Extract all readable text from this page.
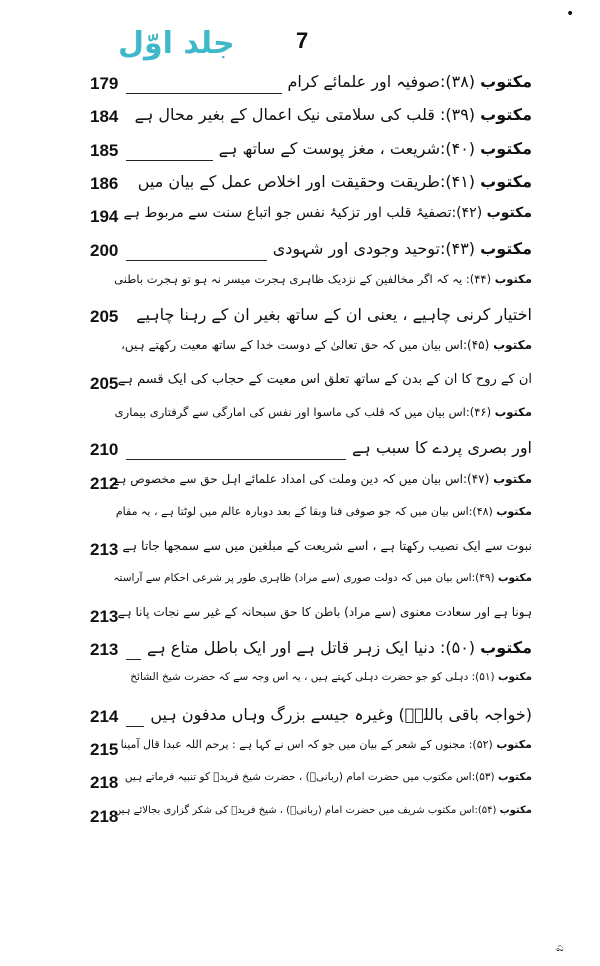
جلد اوّل	7
•
مکتوب (۳۸):صوفیہ اور علمائے کرام
179
مکتوب (۳۹): قلب کی سلامتی نیک اعمال کے بغیر محال ہے
184
مکتوب (۴۰):شریعت ، مغز پوست کے ساتھ ہے
185
مکتوب (۴۱):طریقت وحقیقت اور اخلاص عمل کے بیان میں
186
مکتوب (۴۲):تصفیۂ قلب اور تزکیۂ نفس جو اتباع سنت سے مربوط ہے
194
مکتوب (۴۳):توحید وجودی اور شہودی
200
مکتوب (۴۴): یہ کہ اگر مخالفین کے نزدیک ظاہری ہجرت میسر نہ ہو تو ہجرت باطنی
اختیار کرنی چاہیے ، یعنی ان کے ساتھ بغیر ان کے رہنا چاہیے
205
مکتوب (۴۵):اس بیان میں کہ حق تعالیٰ کے دوست خدا کے ساتھ معیت رکھتے ہیں،
ان کے روح کا ان کے بدن کے ساتھ تعلق اس معیت کے حجاب کی ایک قسم ہے
205
مکتوب (۴۶):اس بیان میں کہ قلب کی ماسوا اور نفس کی امارگی سے گرفتاری بیماری
اور بصری پردے کا سبب ہے
210
مکتوب (۴۷):اس بیان میں کہ دین وملت کی امداد علمائے اہل حق سے مخصوص ہے
212
مکتوب (۴۸):اس بیان میں کہ جو صوفی فنا وبقا کے بعد دوبارہ عالم میں لوٹتا ہے ، یہ مقام
نبوت سے ایک نصیب رکھتا ہے ، اسے شریعت کے مبلغین میں سے سمجھا جاتا ہے
213
مکتوب (۴۹):اس بیان میں کہ دولت صوری (سے مراد) ظاہری طور پر شرعی احکام سے آراستہ
ہونا ہے اور سعادت معنوی (سے مراد) باطن کا حق سبحانہ کے غیر سے نجات پانا ہے
213
مکتوب (۵۰): دنیا ایک زہر قاتل ہے اور ایک باطل متاع ہے
213
مکتوب (۵۱): دہلی کو جو حضرت دہلی کہتے ہیں ، یہ اس وجہ سے کہ حضرت شیخ الشائخ
(خواجہ باقی باللہؒ) وغیرہ جیسے بزرگ وہاں مدفون ہیں
214
مکتوب (۵۲): مجنوں کے شعر کے بیان میں جو کہ اس نے کہا ہے : یرحم اللہ عبدا قال آمینا
215
مکتوب (۵۳):اس مکتوب میں حضرت امام (ربانیؒ) ، حضرت شیخ فریدؒ کو تنبیہ فرماتے ہیں
218
مکتوب (۵۴):اس مکتوب شریف میں حضرت امام (ربانیؒ) ، شیخ فریدؒ کی شکر گزاری بجالائے ہیں
218
ಎ
